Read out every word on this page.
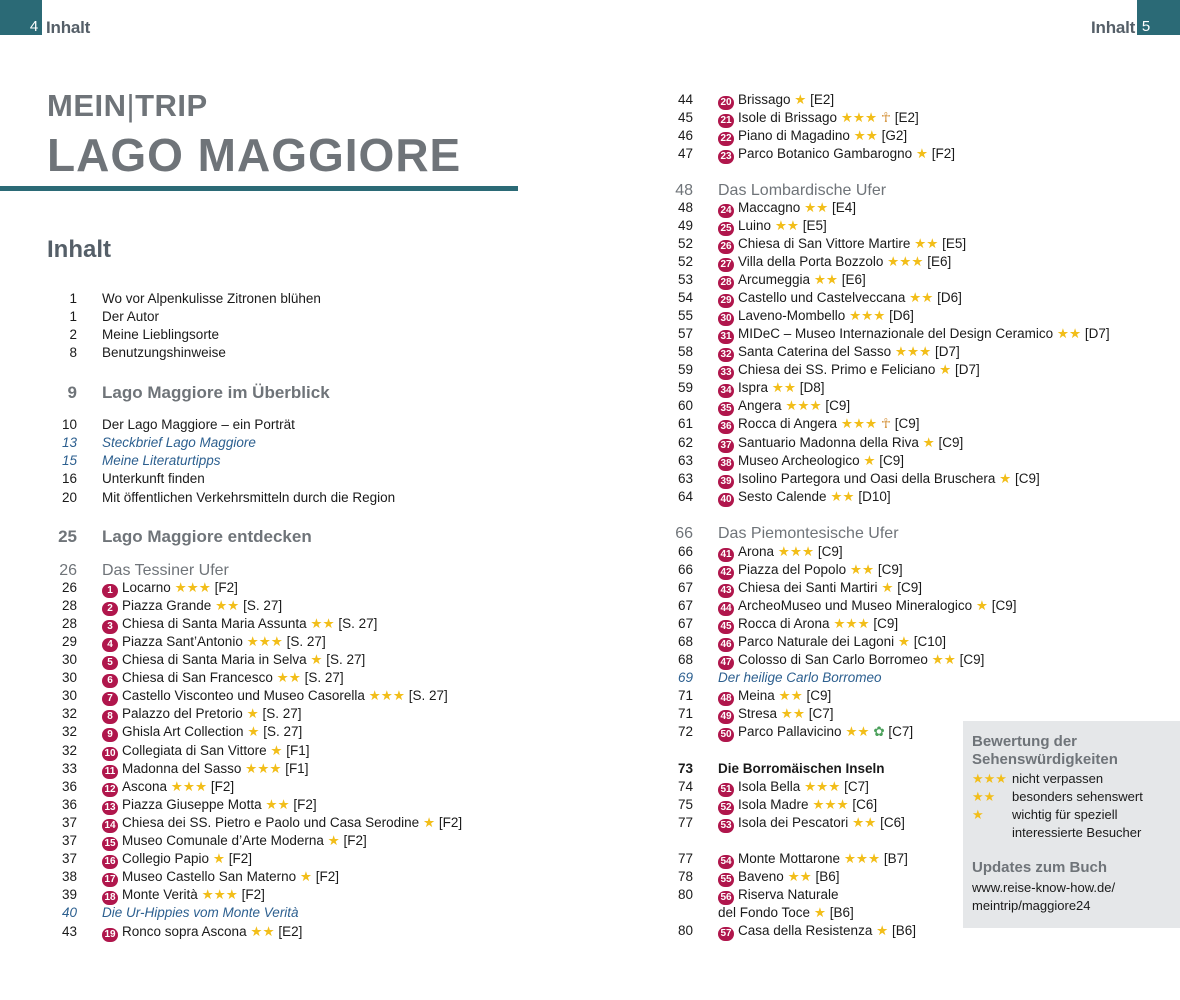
4 Inhalt	Inhalt 5
MEIN|TRIP
LAGO MAGGIORE
Inhalt
1 Wo vor Alpenkulisse Zitronen blühen
1 Der Autor
2 Meine Lieblingsorte
8 Benutzungshinweise
9 Lago Maggiore im Überblick
10 Der Lago Maggiore – ein Porträt
13 Steckbrief Lago Maggiore
15 Meine Literaturtipps
16 Unterkunft finden
20 Mit öffentlichen Verkehrsmitteln durch die Region
25 Lago Maggiore entdecken
26 Das Tessiner Ufer
26	1 Locarno ★★★ [F2]
28	2 Piazza Grande ★★ [S. 27]
28	3 Chiesa di Santa Maria Assunta ★★ [S. 27]
29	4 Piazza Sant’Antonio ★★★ [S. 27]
30	5 Chiesa di Santa Maria in Selva ★ [S. 27]
30	6 Chiesa di San Francesco ★★ [S. 27]
30	7 Castello Visconteo und Museo Casorella ★★★ [S. 27]
32	8 Palazzo del Pretorio ★ [S. 27]
32	9 Ghisla Art Collection ★ [S. 27]
32	10 Collegiata di San Vittore ★ [F1]
33	11 Madonna del Sasso ★★★ [F1]
36	12 Ascona ★★★ [F2]
36	13 Piazza Giuseppe Motta ★★ [F2]
37	14 Chiesa dei SS. Pietro e Paolo und Casa Serodine ★ [F2]
37	15 Museo Comunale d’Arte Moderna ★ [F2]
37	16 Collegio Papio ★ [F2]
38	17 Museo Castello San Materno ★ [F2]
39	18 Monte Verità ★★★ [F2]
40 Die Ur-Hippies vom Monte Verità
43	19 Ronco sopra Ascona ★★ [E2]
44	20 Brissago ★ [E2]
45	21 Isole di Brissago ★★★ ☥ [E2]
46	22 Piano di Magadino ★★ [G2]
47	23 Parco Botanico Gambarogno ★ [F2]
48 Das Lombardische Ufer
48	24 Maccagno ★★ [E4]
49	25 Luino ★★ [E5]
52	26 Chiesa di San Vittore Martire ★★ [E5]
52	27 Villa della Porta Bozzolo ★★★ [E6]
53	28 Arcumeggia ★★ [E6]
54	29 Castello und Castelveccana ★★ [D6]
55	30 Laveno-Mombello ★★★ [D6]
57	31 MIDeC – Museo Internazionale del Design Ceramico ★★ [D7]
58	32 Santa Caterina del Sasso ★★★ [D7]
59	33 Chiesa dei SS. Primo e Feliciano ★ [D7]
59	34 Ispra ★★ [D8]
60	35 Angera ★★★ [C9]
61	36 Rocca di Angera ★★★ ☥ [C9]
62	37 Santuario Madonna della Riva ★ [C9]
63	38 Museo Archeologico ★ [C9]
63	39 Isolino Partegora und Oasi della Bruschera ★ [C9]
64	40 Sesto Calende ★★ [D10]
66 Das Piemontesische Ufer
66	41 Arona ★★★ [C9]
66	42 Piazza del Popolo ★★ [C9]
67	43 Chiesa dei Santi Martiri ★ [C9]
67	44 ArcheoMuseo und Museo Mineralogico ★ [C9]
67	45 Rocca di Arona ★★★ [C9]
68	46 Parco Naturale dei Lagoni ★ [C10]
68	47 Colosso di San Carlo Borromeo ★★ [C9]
69 Der heilige Carlo Borromeo
71	48 Meina ★★ [C9]
71	49 Stresa ★★ [C7]
72	50 Parco Pallavicino ★★ ✿ [C7]
73 Die Borromäischen Inseln
74	51 Isola Bella ★★★ [C7]
75	52 Isola Madre ★★★ [C6]
77	53 Isola dei Pescatori ★★ [C6]
77	54 Monte Mottarone ★★★ [B7]
78	55 Baveno ★★ [B6]
80	56 Riserva Naturale
del Fondo Toce ★ [B6]
80	57 Casa della Resistenza ★ [B6]
Bewertung der
Sehenswürdigkeiten
★★★ nicht verpassen
★★ besonders sehenswert
★ wichtig für speziell
interessierte Besucher
Updates zum Buch
www.reise-know-how.de/
meintrip/maggiore24
